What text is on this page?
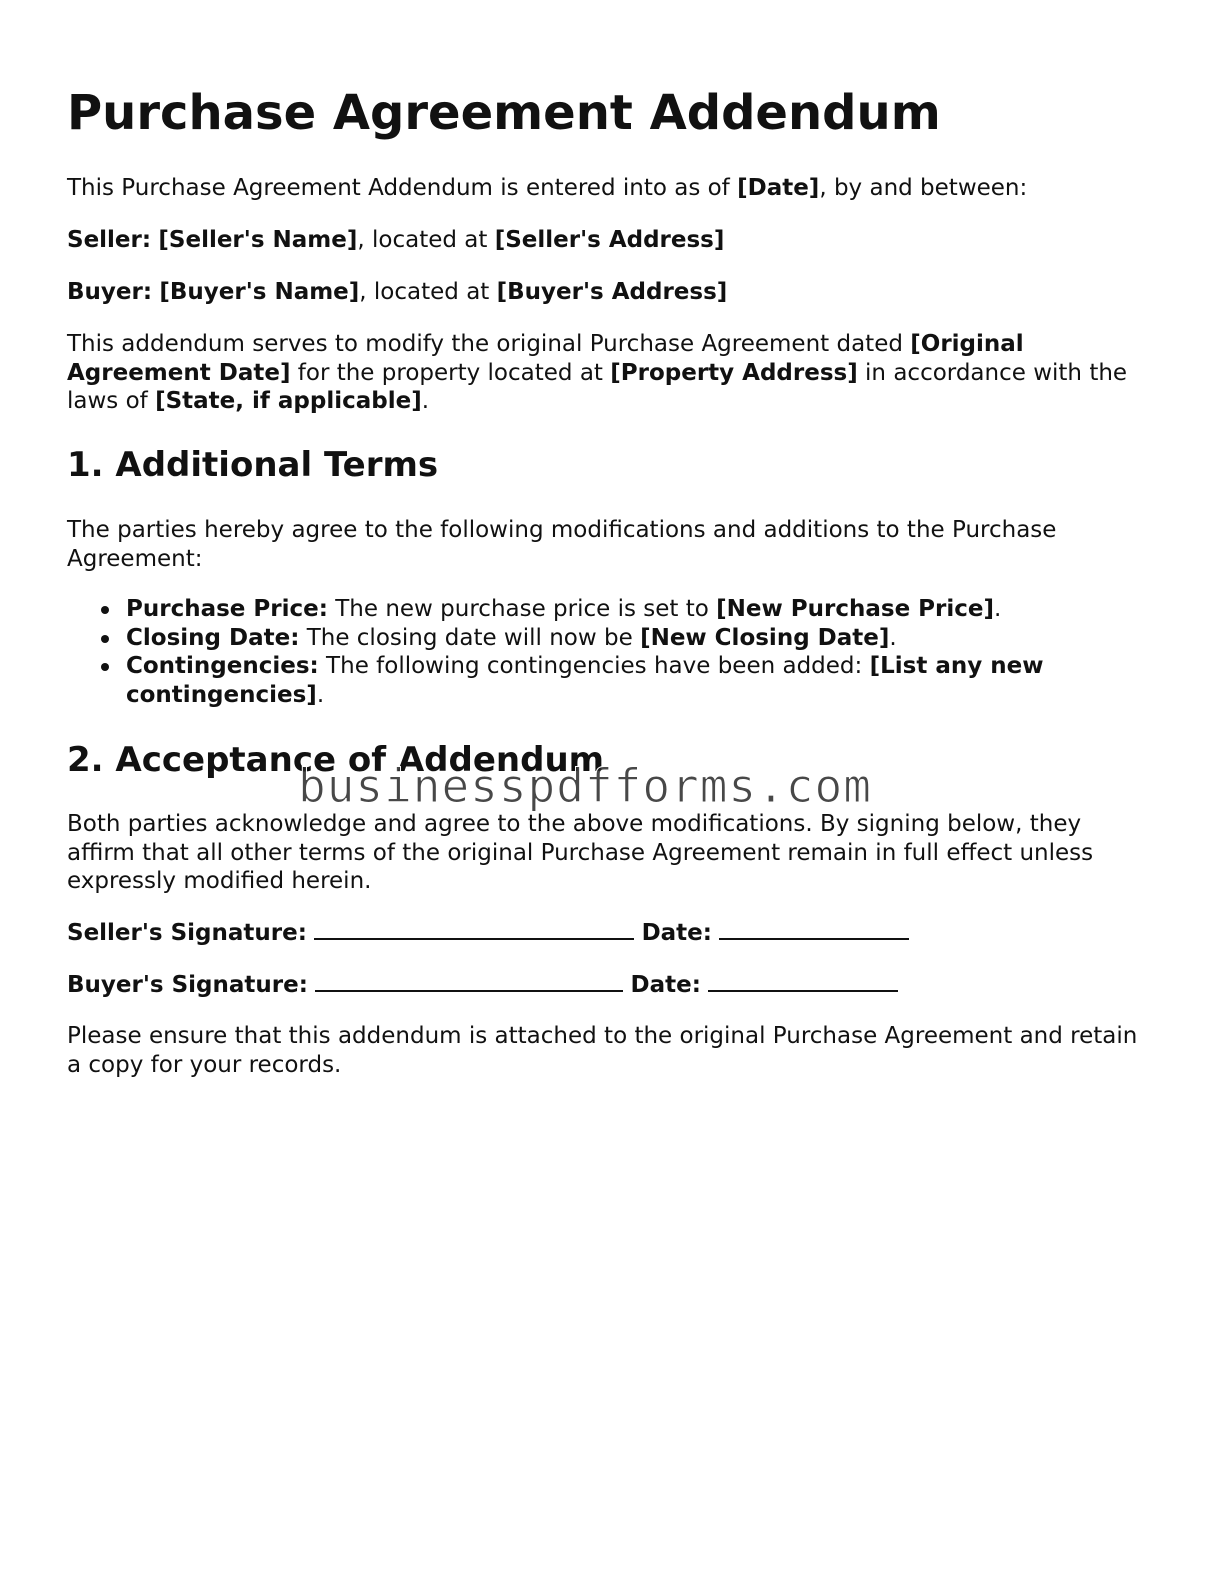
Purchase Agreement Addendum

This Purchase Agreement Addendum is entered into as of [Date], by and between:

Seller: [Seller's Name], located at [Seller's Address]

Buyer: [Buyer's Name], located at [Buyer's Address]

This addendum serves to modify the original Purchase Agreement dated [Original Agreement Date] for the property located at [Property Address] in accordance with the laws of [State, if applicable].

1. Additional Terms

The parties hereby agree to the following modifications and additions to the Purchase Agreement:

Purchase Price: The new purchase price is set to [New Purchase Price].
Closing Date: The closing date will now be [New Closing Date].
Contingencies: The following contingencies have been added: [List any new contingencies].
2. Acceptance of Addendum

Both parties acknowledge and agree to the above modifications. By signing below, they affirm that all other terms of the original Purchase Agreement remain in full effect unless expressly modified herein.

Seller's Signature:	Date:

Buyer's Signature:	Date:

Please ensure that this addendum is attached to the original Purchase Agreement and retain a copy for your records.

businesspdfforms.com
